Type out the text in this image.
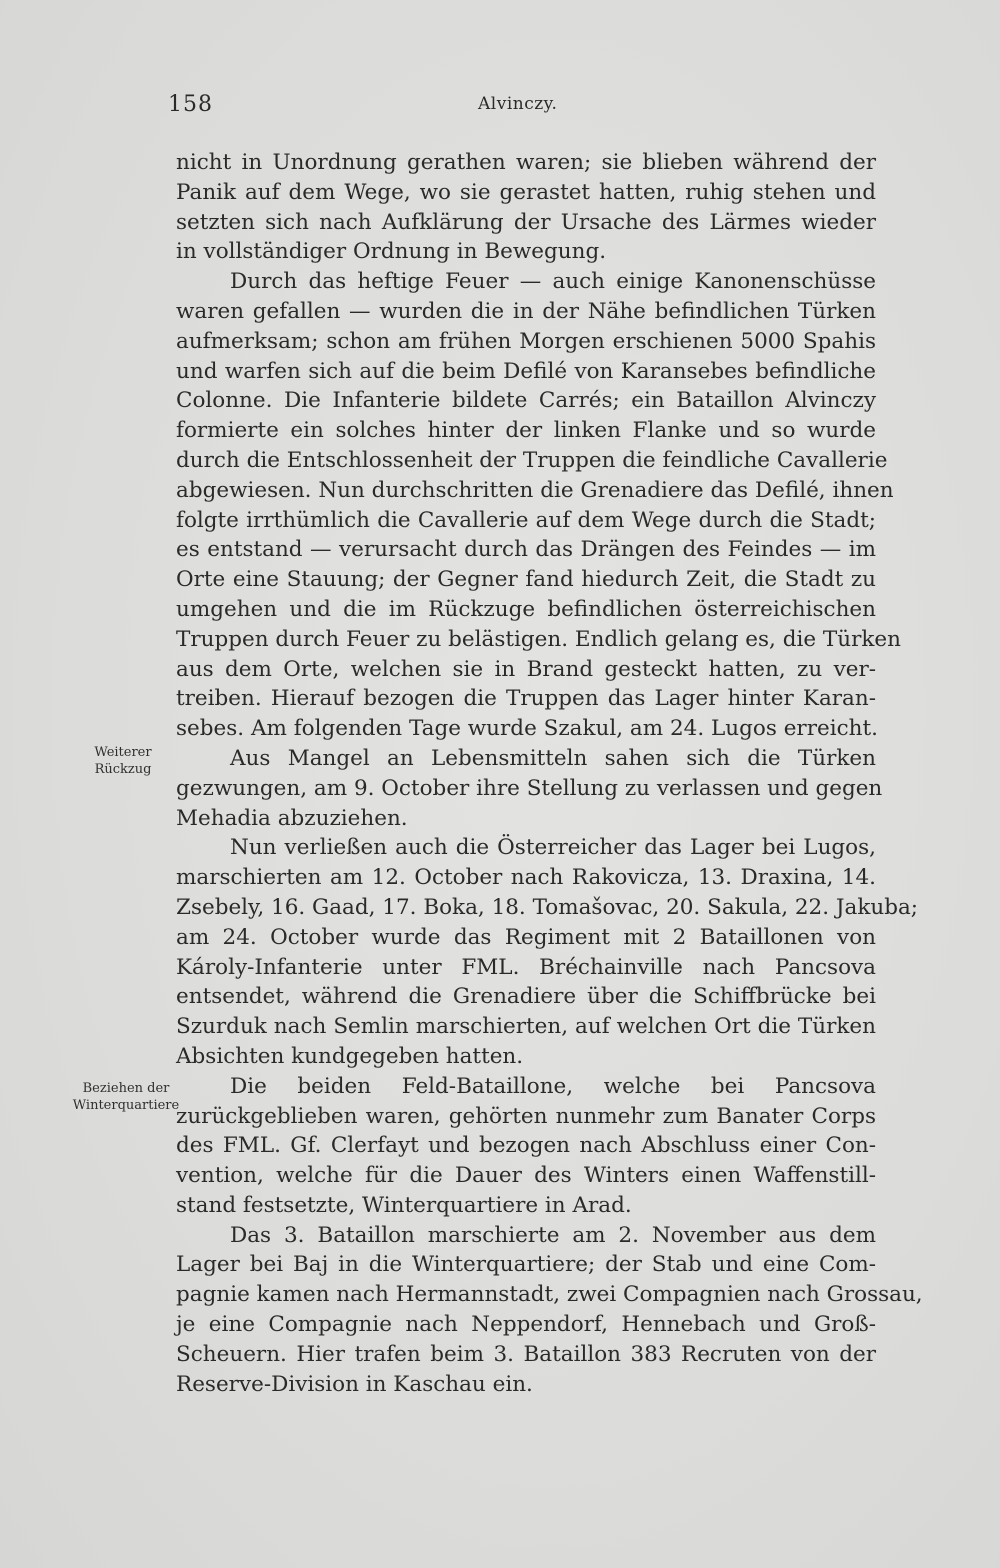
158	Alvinczy.
Weiterer
Rückzug
Beziehen der
Winterquartiere

nicht in Unordnung gerathen waren; sie blieben während der
Panik auf dem Wege, wo sie gerastet hatten, ruhig stehen und
setzten sich nach Aufklärung der Ursache des Lärmes wieder
in vollständiger Ordnung in Bewegung.

Durch das heftige Feuer — auch einige Kanonenschüsse
waren gefallen — wurden die in der Nähe befindlichen Türken
aufmerksam; schon am frühen Morgen erschienen 5000 Spahis
und warfen sich auf die beim Defilé von Karansebes befindliche
Colonne. Die Infanterie bildete Carrés; ein Bataillon Alvinczy
formierte ein solches hinter der linken Flanke und so wurde
durch die Entschlossenheit der Truppen die feindliche Cavallerie
abgewiesen. Nun durchschritten die Grenadiere das Defilé, ihnen
folgte irrthümlich die Cavallerie auf dem Wege durch die Stadt;
es entstand — verursacht durch das Drängen des Feindes — im
Orte eine Stauung; der Gegner fand hiedurch Zeit, die Stadt zu
umgehen und die im Rückzuge befindlichen österreichischen
Truppen durch Feuer zu belästigen. Endlich gelang es, die Türken
aus dem Orte, welchen sie in Brand gesteckt hatten, zu ver-
treiben. Hierauf bezogen die Truppen das Lager hinter Karan-
sebes. Am folgenden Tage wurde Szakul, am 24. Lugos erreicht.

Aus Mangel an Lebensmitteln sahen sich die Türken
gezwungen, am 9. October ihre Stellung zu verlassen und gegen
Mehadia abzuziehen.

Nun verließen auch die Österreicher das Lager bei Lugos,
marschierten am 12. October nach Rakovicza, 13. Draxina, 14.
Zsebely, 16. Gaad, 17. Boka, 18. Tomašovac, 20. Sakula, 22. Jakuba;
am 24. October wurde das Regiment mit 2 Bataillonen von
Károly-Infanterie unter FML. Bréchainville nach Pancsova
entsendet, während die Grenadiere über die Schiffbrücke bei
Szurduk nach Semlin marschierten, auf welchen Ort die Türken
Absichten kundgegeben hatten.

Die beiden Feld-Bataillone, welche bei Pancsova
zurückgeblieben waren, gehörten nunmehr zum Banater Corps
des FML. Gf. Clerfayt und bezogen nach Abschluss einer Con-
vention, welche für die Dauer des Winters einen Waffenstill-
stand festsetzte, Winterquartiere in Arad.

Das 3. Bataillon marschierte am 2. November aus dem
Lager bei Baj in die Winterquartiere; der Stab und eine Com-
pagnie kamen nach Hermannstadt, zwei Compagnien nach Grossau,
je eine Compagnie nach Neppendorf, Hennebach und Groß-
Scheuern. Hier trafen beim 3. Bataillon 383 Recruten von der
Reserve-Division in Kaschau ein.
